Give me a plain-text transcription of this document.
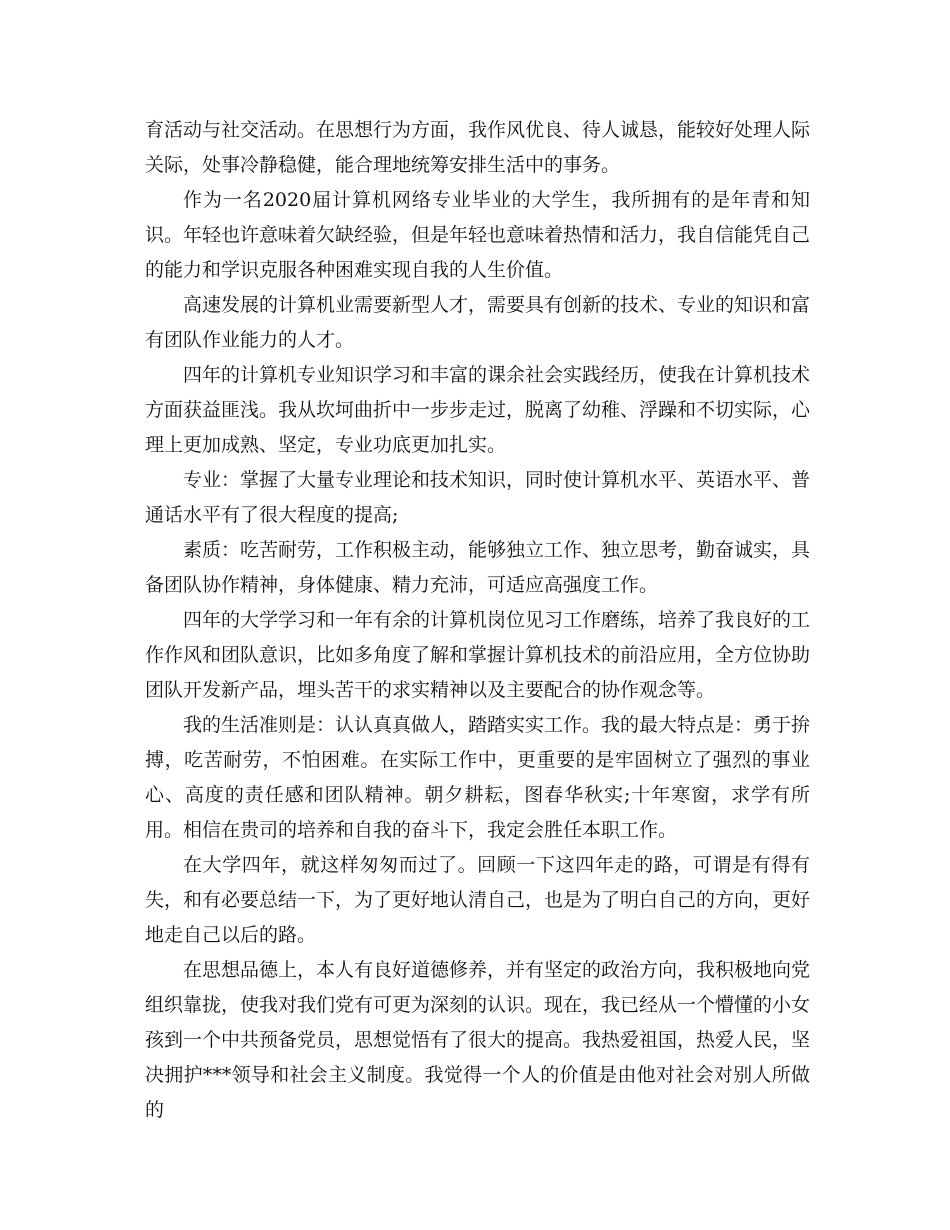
育活动与社交活动。在思想行为方面，我作风优良、待人诚恳，能较好处理人际关际，处事冷静稳健，能合理地统筹安排生活中的事务。

作为一名2020届计算机网络专业毕业的大学生，我所拥有的是年青和知识。年轻也许意味着欠缺经验，但是年轻也意味着热情和活力，我自信能凭自己的能力和学识克服各种困难实现自我的人生价值。

高速发展的计算机业需要新型人才，需要具有创新的技术、专业的知识和富有团队作业能力的人才。

四年的计算机专业知识学习和丰富的课余社会实践经历，使我在计算机技术方面获益匪浅。我从坎坷曲折中一步步走过，脱离了幼稚、浮躁和不切实际，心理上更加成熟、坚定，专业功底更加扎实。

专业：掌握了大量专业理论和技术知识，同时使计算机水平、英语水平、普通话水平有了很大程度的提高;

素质：吃苦耐劳，工作积极主动，能够独立工作、独立思考，勤奋诚实，具备团队协作精神，身体健康、精力充沛，可适应高强度工作。

四年的大学学习和一年有余的计算机岗位见习工作磨练，培养了我良好的工作作风和团队意识，比如多角度了解和掌握计算机技术的前沿应用，全方位协助团队开发新产品，埋头苦干的求实精神以及主要配合的协作观念等。

我的生活准则是：认认真真做人，踏踏实实工作。我的最大特点是：勇于拚搏，吃苦耐劳，不怕困难。在实际工作中，更重要的是牢固树立了强烈的事业心、高度的责任感和团队精神。朝夕耕耘，图春华秋实;十年寒窗，求学有所用。相信在贵司的培养和自我的奋斗下，我定会胜任本职工作。

在大学四年，就这样匆匆而过了。回顾一下这四年走的路，可谓是有得有失，和有必要总结一下，为了更好地认清自己，也是为了明白自己的方向，更好地走自己以后的路。

在思想品德上，本人有良好道德修养，并有坚定的政治方向，我积极地向党组织靠拢，使我对我们党有可更为深刻的认识。现在，我已经从一个懵懂的小女孩到一个中共预备党员，思想觉悟有了很大的提高。我热爱祖国，热爱人民，坚决拥护***领导和社会主义制度。我觉得一个人的价值是由他对社会对别人所做的
